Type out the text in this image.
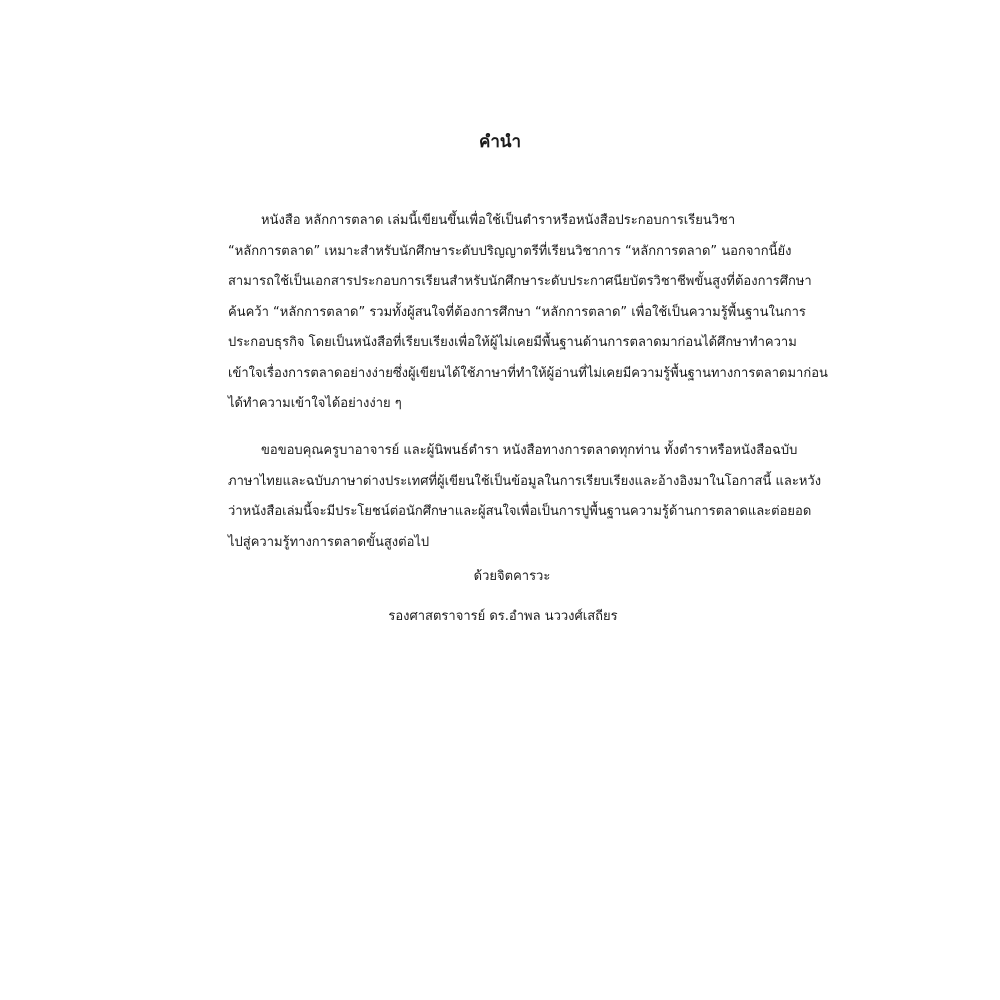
คำนำ
หนังสือ หลักการตลาด เล่มนี้เขียนขึ้นเพื่อใช้เป็นตำราหรือหนังสือประกอบการเรียนวิชา
“หลักการตลาด” เหมาะสำหรับนักศึกษาระดับปริญญาตรีที่เรียนวิชาการ “หลักการตลาด” นอกจากนี้ยัง
สามารถใช้เป็นเอกสารประกอบการเรียนสำหรับนักศึกษาระดับประกาศนียบัตรวิชาชีพขั้นสูงที่ต้องการศึกษา
ค้นคว้า “หลักการตลาด” รวมทั้งผู้สนใจที่ต้องการศึกษา “หลักการตลาด” เพื่อใช้เป็นความรู้พื้นฐานในการ
ประกอบธุรกิจ โดยเป็นหนังสือที่เรียบเรียงเพื่อให้ผู้ไม่เคยมีพื้นฐานด้านการตลาดมาก่อนได้ศึกษาทำความ
เข้าใจเรื่องการตลาดอย่างง่ายซึ่งผู้เขียนได้ใช้ภาษาที่ทำให้ผู้อ่านที่ไม่เคยมีความรู้พื้นฐานทางการตลาดมาก่อน
ได้ทำความเข้าใจได้อย่างง่าย ๆ
ขอขอบคุณครูบาอาจารย์ และผู้นิพนธ์ตำรา หนังสือทางการตลาดทุกท่าน ทั้งตำราหรือหนังสือฉบับ
ภาษาไทยและฉบับภาษาต่างประเทศที่ผู้เขียนใช้เป็นข้อมูลในการเรียบเรียงและอ้างอิงมาในโอกาสนี้ และหวัง
ว่าหนังสือเล่มนี้จะมีประโยชน์ต่อนักศึกษาและผู้สนใจเพื่อเป็นการปูพื้นฐานความรู้ด้านการตลาดและต่อยอด
ไปสู่ความรู้ทางการตลาดขั้นสูงต่อไป
ด้วยจิตคารวะ
รองศาสตราจารย์ ดร.อำพล นววงศ์เสถียร
